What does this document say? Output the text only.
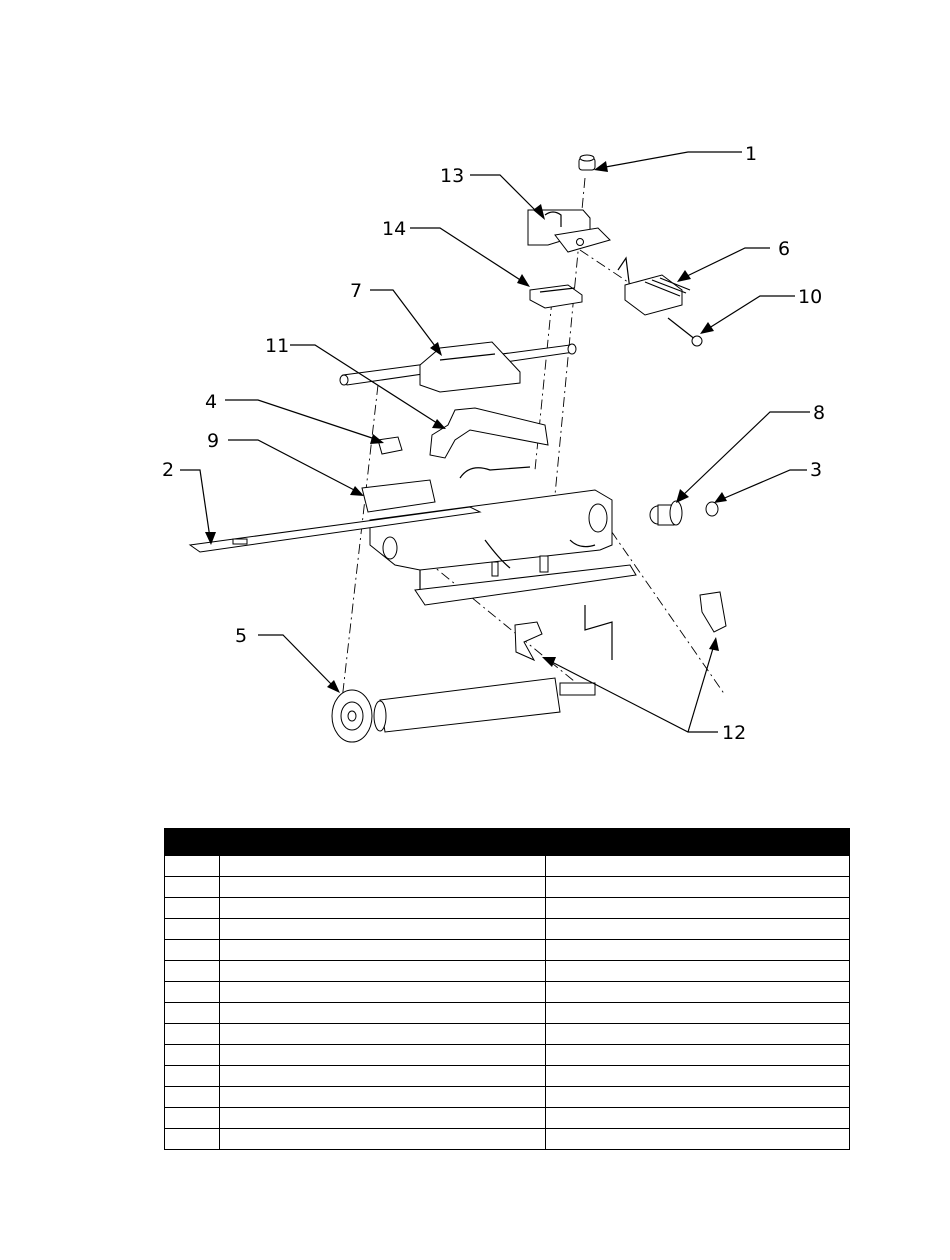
1
2	3
4
5
6
7
8
9
10
11
12
13
14
